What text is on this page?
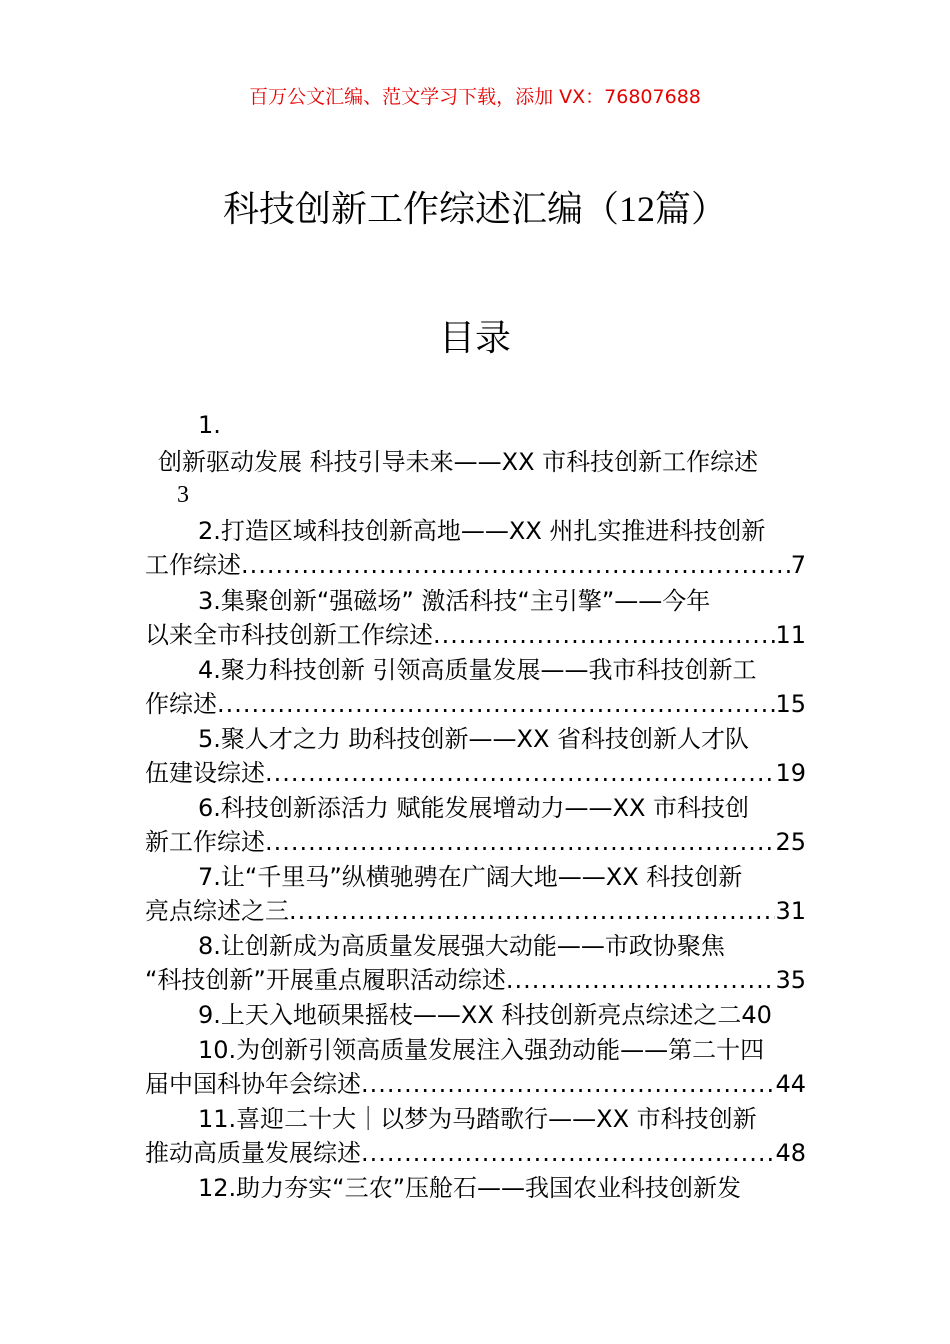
百万公文汇编、范文学习下载，添加 VX：76807688
科技创新工作综述汇编（12篇）
目录
1.
创新驱动发展 科技引导未来——XX 市科技创新工作综述
3
2.打造区域科技创新高地——XX 州扎实推进科技创新
工作综述 .....	7
3.集聚创新“强磁场” 激活科技“主引擎”——今年
以来全市科技创新工作综述 .....	11
4.聚力科技创新 引领高质量发展——我市科技创新工
作综述 .....	15
5.聚人才之力 助科技创新——XX 省科技创新人才队
伍建设综述 .....	19
6.科技创新添活力 赋能发展增动力——XX 市科技创
新工作综述 .....	25
7.让“千里马”纵横驰骋在广阔大地——XX 科技创新
亮点综述之三 .....	31
8.让创新成为高质量发展强大动能——市政协聚焦
“科技创新”开展重点履职活动综述 .....	35
9.上天入地硕果摇枝——XX 科技创新亮点综述之二40
10.为创新引领高质量发展注入强劲动能——第二十四
届中国科协年会综述 .....	44
11.喜迎二十大｜以梦为马踏歌行——XX 市科技创新
推动高质量发展综述 .....	48
12.助力夯实“三农”压舱石——我国农业科技创新发
